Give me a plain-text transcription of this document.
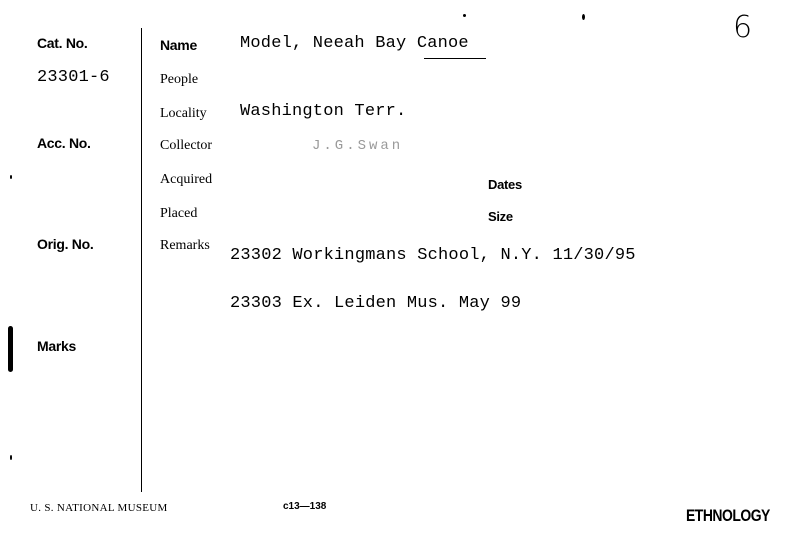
6
Cat. No.
23301-6
Acc. No.
Orig. No.
Marks
Name
People
Locality
Collector
Acquired
Placed
Remarks
Dates
Size
Model, Neeah Bay Canoe
Washington Terr.
J.G.Swan
23302 Workingmans School, N.Y. 11/30/95
23303 Ex. Leiden Mus. May 99
U. S. NATIONAL MUSEUM	c13—138	ETHNOLOGY
